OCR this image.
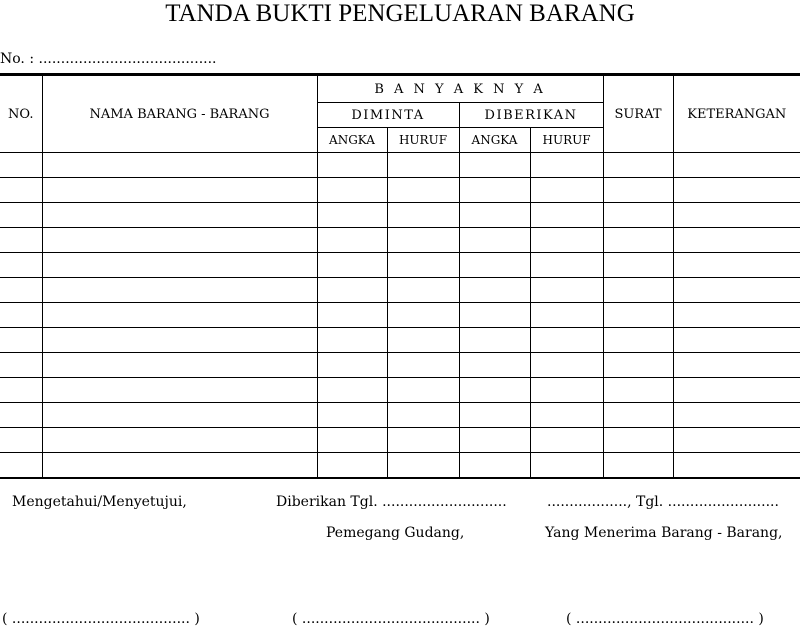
TANDA BUKTI PENGELUARAN BARANG
No. : ........................................
NO.	NAMA BARANG - BARANG	B A N Y A K N Y A				SURAT	KETERANGAN
		DIMINTA		DIBERIKAN			
		ANGKA	HURUF	ANGKA	HURUF		

Mengetahui/Menyetujui,	Diberikan Tgl. ............................	.................., Tgl. .........................
Pemegang Gudang,	Yang Menerima Barang - Barang,
( ........................................ )	( ........................................ )	( ........................................ )
